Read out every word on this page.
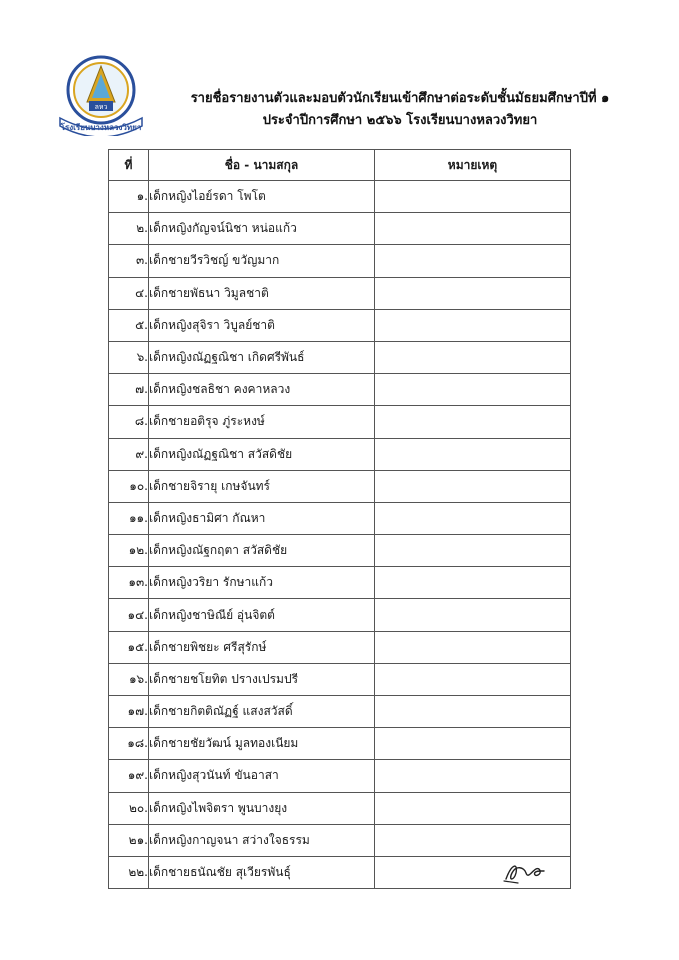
ลหว
โรงเรียนบางหลวงวิทยา
รายชื่อรายงานตัวและมอบตัวนักเรียนเข้าศึกษาต่อระดับชั้นมัธยมศึกษาปีที่ ๑
ประจำปีการศึกษา ๒๕๖๖ โรงเรียนบางหลวงวิทยา
ที่	ชื่อ - นามสกุล	หมายเหตุ
๑.	เด็กหญิงไอย์รดา โพโต	
๒.	เด็กหญิงกัญจน์นิชา หน่อแก้ว	
๓.	เด็กชายวีรวิชญ์ ขวัญมาก	
๔.	เด็กชายพัธนา วิมูลชาติ	
๕.	เด็กหญิงสุจิรา วิบูลย์ชาติ	
๖.	เด็กหญิงณัฏฐณิชา เกิดศรีพันธ์	
๗.	เด็กหญิงชลธิชา คงคาหลวง	
๘.	เด็กชายอติรุจ ภู่ระหงษ์	
๙.	เด็กหญิงณัฏฐณิชา สวัสดิชัย	
๑๐.	เด็กชายจิรายุ เกษจันทร์	
๑๑.	เด็กหญิงธามิศา กัณหา	
๑๒.	เด็กหญิงณัฐกฤตา สวัสดิชัย	
๑๓.	เด็กหญิงวริยา รักษาแก้ว	
๑๔.	เด็กหญิงชาษิณีย์ อุ่นจิตต์	
๑๕.	เด็กชายพิชยะ ศรีสุรักษ์	
๑๖.	เด็กชายชโยทิต ปรางเปรมปรี	
๑๗.	เด็กชายกิตติณัฏฐ์ แสงสวัสดิ์	
๑๘.	เด็กชายชัยวัฒน์ มูลทองเนียม	
๑๙.	เด็กหญิงสุวนันท์ ขันอาสา	
๒๐.	เด็กหญิงไพจิตรา พูนบางยุง	
๒๑.	เด็กหญิงกาญจนา สว่างใจธรรม	
๒๒.	เด็กชายธนัณชัย สุเวียรพันธุ์	
